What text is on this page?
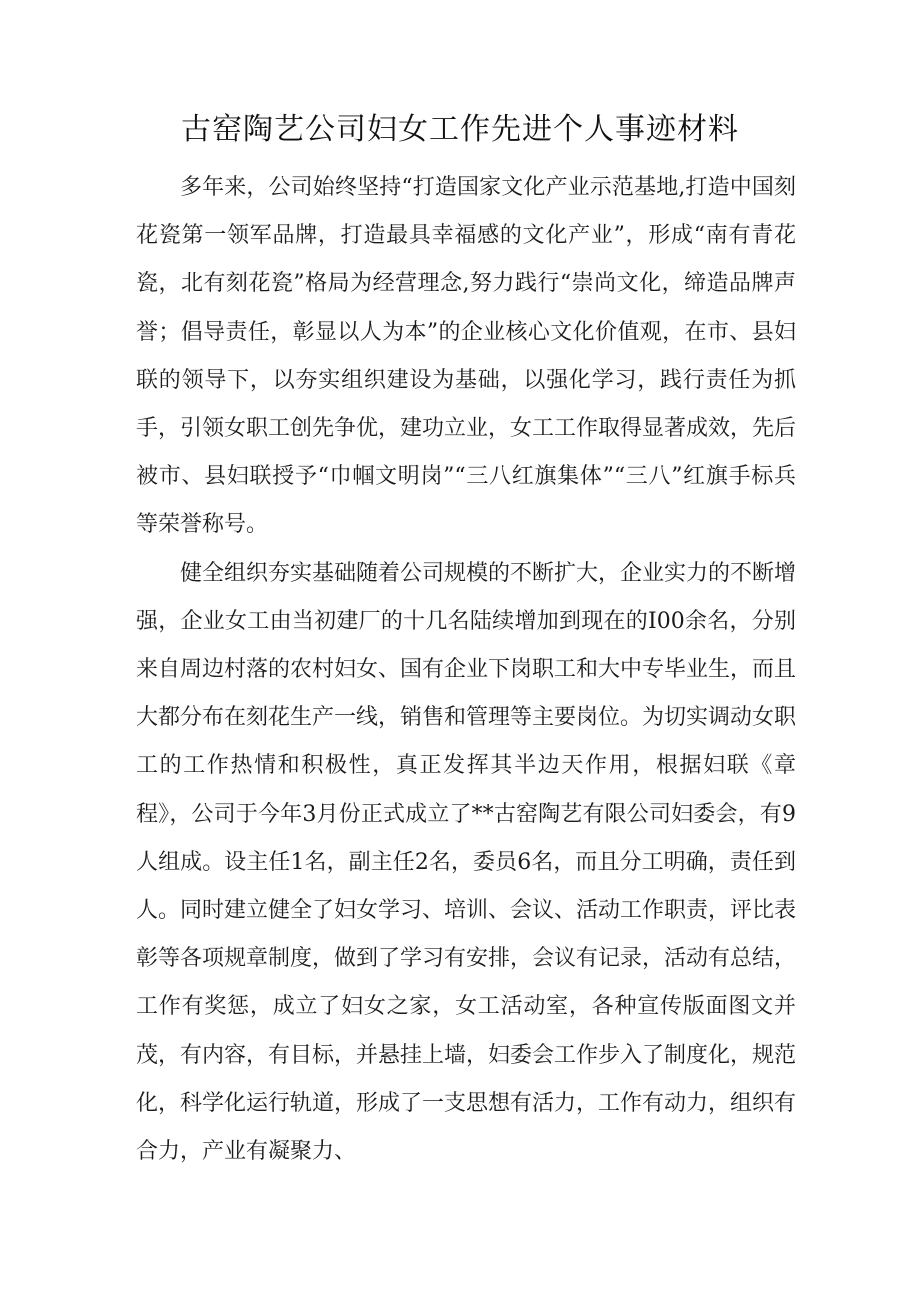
古窑陶艺公司妇女工作先进个人事迹材料

多年来，公司始终坚持“打造国家文化产业示范基地,打造中国刻花瓷第一领军品牌，打造最具幸福感的文化产业”，形成“南有青花瓷，北有刻花瓷”格局为经营理念,努力践行“崇尚文化，缔造品牌声誉；倡导责任，彰显以人为本”的企业核心文化价值观，在市、县妇联的领导下，以夯实组织建设为基础，以强化学习，践行责任为抓手，引领女职工创先争优，建功立业，女工工作取得显著成效，先后被市、县妇联授予“巾帼文明岗”“三八红旗集体”“三八”红旗手标兵等荣誉称号。

健全组织夯实基础随着公司规模的不断扩大，企业实力的不断增强，企业女工由当初建厂的十几名陆续增加到现在的I00余名，分别来自周边村落的农村妇女、国有企业下岗职工和大中专毕业生，而且大都分布在刻花生产一线，销售和管理等主要岗位。为切实调动女职工的工作热情和积极性，真正发挥其半边天作用，根据妇联《章程》，公司于今年3月份正式成立了**古窑陶艺有限公司妇委会，有9人组成。设主任1名，副主任2名，委员6名，而且分工明确，责任到人。同时建立健全了妇女学习、培训、会议、活动工作职责，评比表彰等各项规章制度，做到了学习有安排，会议有记录，活动有总结，工作有奖惩，成立了妇女之家，女工活动室，各种宣传版面图文并茂，有内容，有目标，并悬挂上墙，妇委会工作步入了制度化，规范化，科学化运行轨道，形成了一支思想有活力，工作有动力，组织有合力，产业有凝聚力、
